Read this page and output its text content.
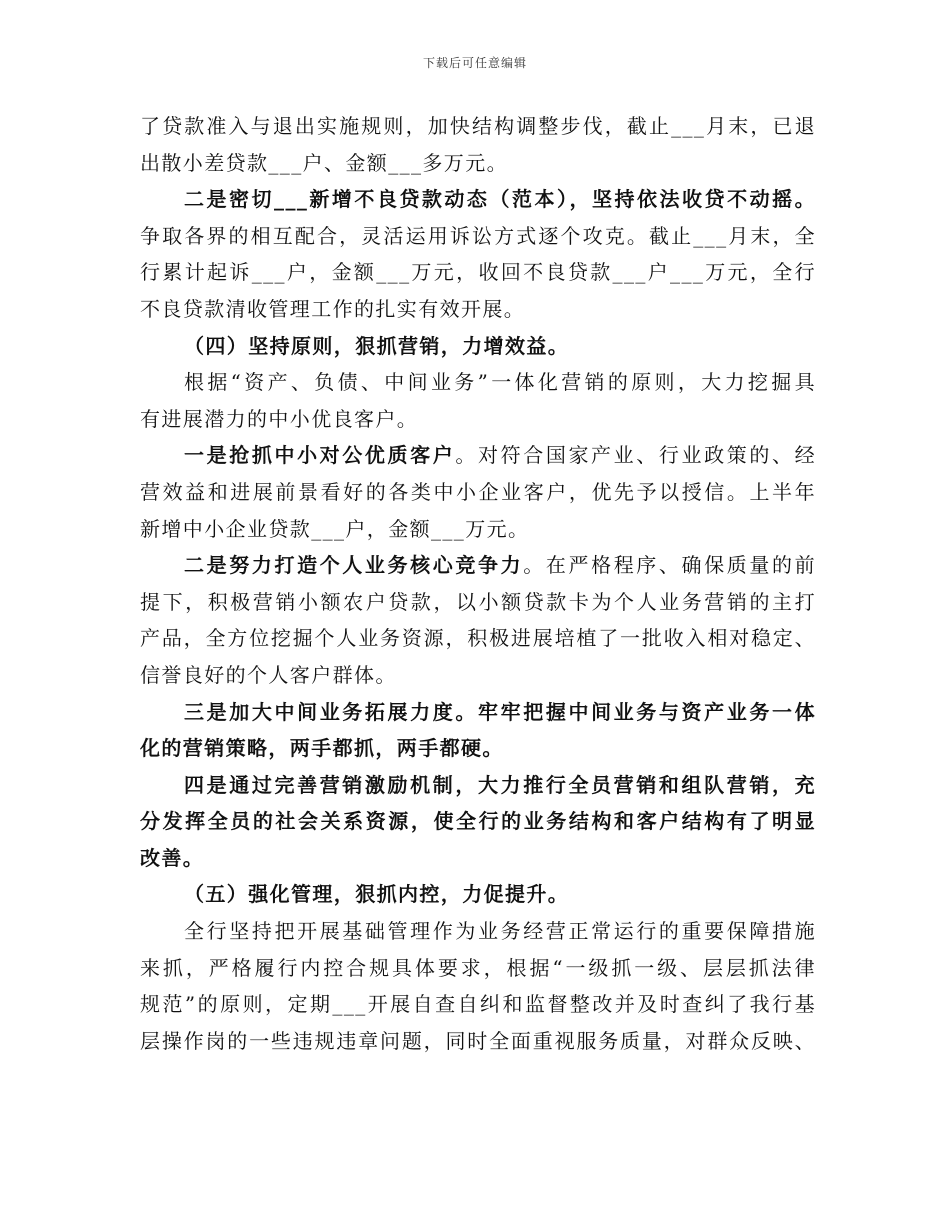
下载后可任意编辑
了贷款准入与退出实施规则，加快结构调整步伐，截止___月末，已退
出散小差贷款___户、金额___多万元。
二是密切___新增不良贷款动态（范本），坚持依法收贷不动摇。
争取各界的相互配合，灵活运用诉讼方式逐个攻克。截止___月末，全
行累计起诉___户，金额___万元，收回不良贷款___户___万元，全行
不良贷款清收管理工作的扎实有效开展。
（四）坚持原则，狠抓营销，力增效益。
根据“资产、负债、中间业务”一体化营销的原则，大力挖掘具
有进展潜力的中小优良客户。
一是抢抓中小对公优质客户。对符合国家产业、行业政策的、经
营效益和进展前景看好的各类中小企业客户，优先予以授信。上半年
新增中小企业贷款___户，金额___万元。
二是努力打造个人业务核心竞争力。在严格程序、确保质量的前
提下，积极营销小额农户贷款，以小额贷款卡为个人业务营销的主打
产品，全方位挖掘个人业务资源，积极进展培植了一批收入相对稳定、
信誉良好的个人客户群体。
三是加大中间业务拓展力度。牢牢把握中间业务与资产业务一体
化的营销策略，两手都抓，两手都硬。
四是通过完善营销激励机制，大力推行全员营销和组队营销，充
分发挥全员的社会关系资源，使全行的业务结构和客户结构有了明显
改善。
（五）强化管理，狠抓内控，力促提升。
全行坚持把开展基础管理作为业务经营正常运行的重要保障措施
来抓，严格履行内控合规具体要求，根据“一级抓一级、层层抓法律
规范”的原则，定期___开展自查自纠和监督整改并及时查纠了我行基
层操作岗的一些违规违章问题，同时全面重视服务质量，对群众反映、
